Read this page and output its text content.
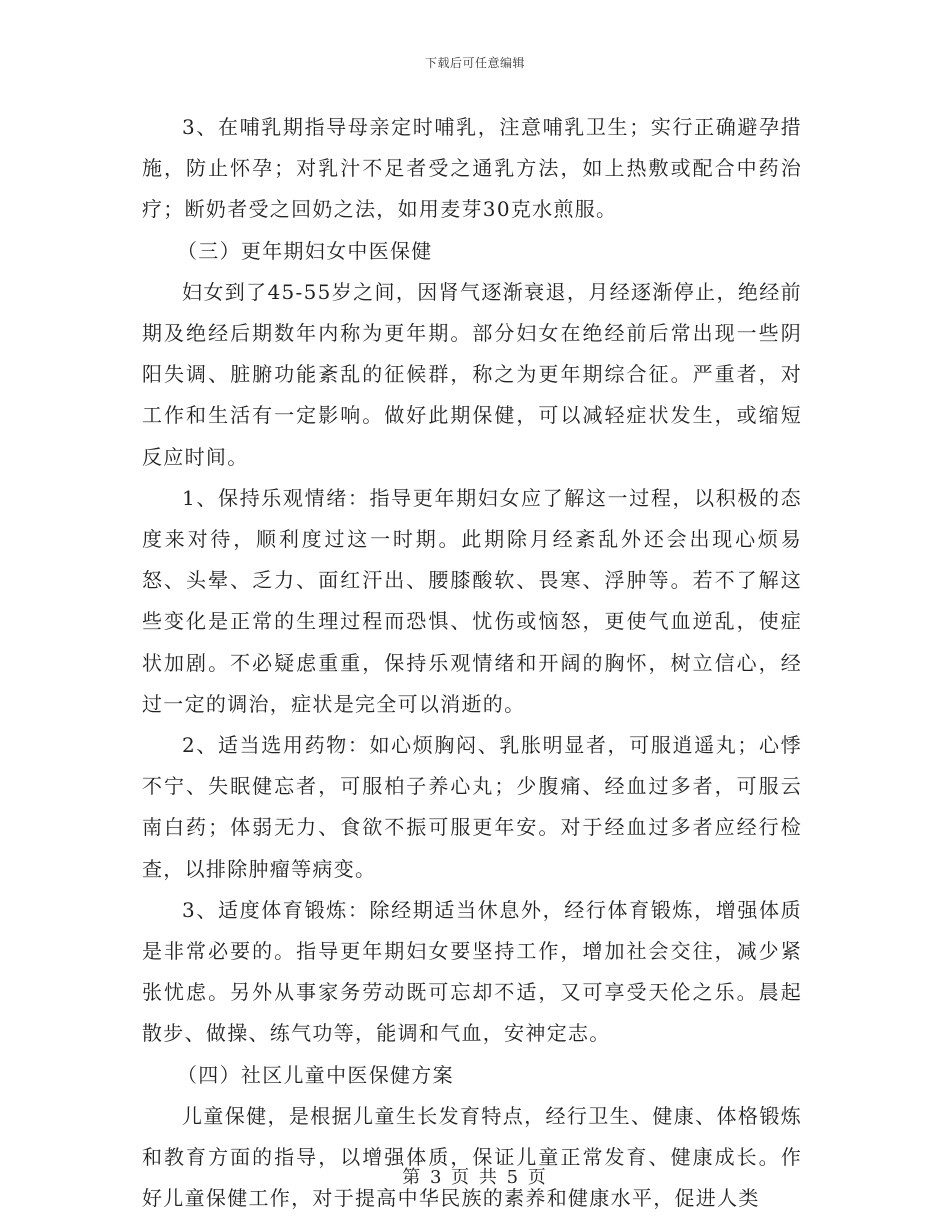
下载后可任意编辑

3、在哺乳期指导母亲定时哺乳，注意哺乳卫生；实行正确避孕措施，防止怀孕；对乳汁不足者受之通乳方法，如上热敷或配合中药治疗；断奶者受之回奶之法，如用麦芽30克水煎服。

（三）更年期妇女中医保健

妇女到了45-55岁之间，因肾气逐渐衰退，月经逐渐停止，绝经前期及绝经后期数年内称为更年期。部分妇女在绝经前后常出现一些阴阳失调、脏腑功能紊乱的征候群，称之为更年期综合征。严重者，对工作和生活有一定影响。做好此期保健，可以减轻症状发生，或缩短反应时间。

1、保持乐观情绪：指导更年期妇女应了解这一过程，以积极的态度来对待，顺利度过这一时期。此期除月经紊乱外还会出现心烦易怒、头晕、乏力、面红汗出、腰膝酸软、畏寒、浮肿等。若不了解这些变化是正常的生理过程而恐惧、忧伤或恼怒，更使气血逆乱，使症状加剧。不必疑虑重重，保持乐观情绪和开阔的胸怀，树立信心，经过一定的调治，症状是完全可以消逝的。

2、适当选用药物：如心烦胸闷、乳胀明显者，可服逍遥丸；心悸不宁、失眠健忘者，可服柏子养心丸；少腹痛、经血过多者，可服云南白药；体弱无力、食欲不振可服更年安。对于经血过多者应经行检查，以排除肿瘤等病变。

3、适度体育锻炼：除经期适当休息外，经行体育锻炼，增强体质是非常必要的。指导更年期妇女要坚持工作，增加社会交往，减少紧张忧虑。另外从事家务劳动既可忘却不适，又可享受天伦之乐。晨起散步、做操、练气功等，能调和气血，安神定志。

（四）社区儿童中医保健方案

儿童保健，是根据儿童生长发育特点，经行卫生、健康、体格锻炼和教育方面的指导，以增强体质，保证儿童正常发育、健康成长。作好儿童保健工作，对于提高中华民族的素养和健康水平，促进人类

第 3 页 共 5 页
